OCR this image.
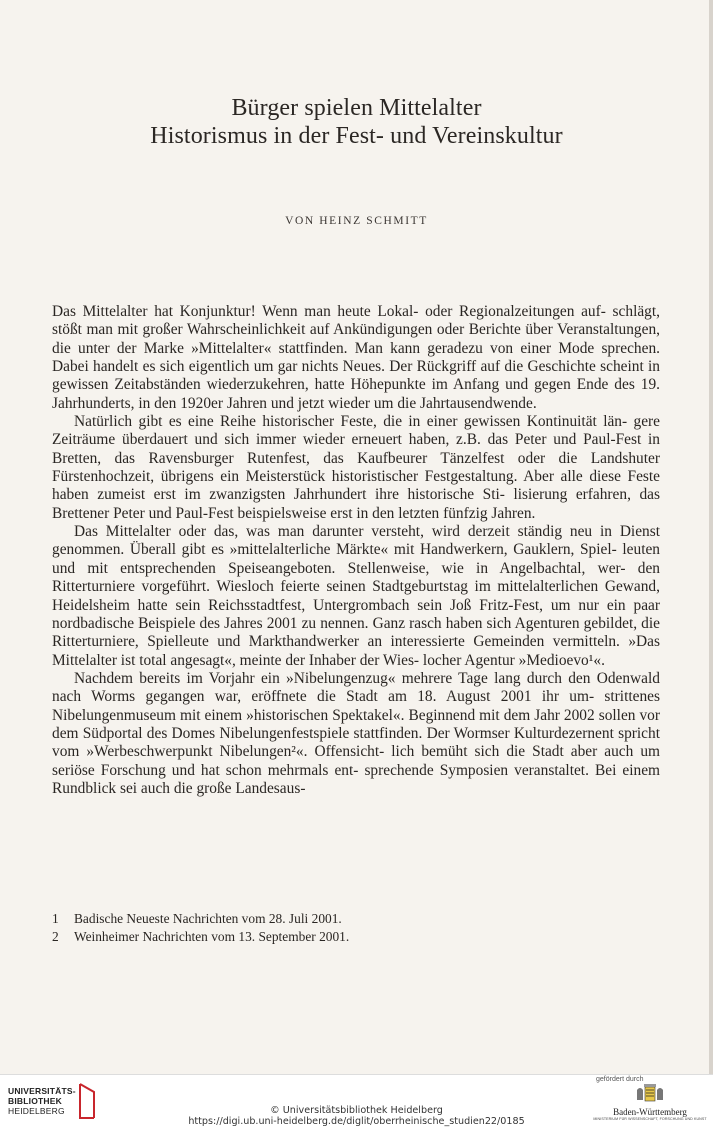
Bürger spielen Mittelalter
Historismus in der Fest- und Vereinskultur
VON HEINZ SCHMITT

Das Mittelalter hat Konjunktur! Wenn man heute Lokal- oder Regionalzeitungen auf- schlägt, stößt man mit großer Wahrscheinlichkeit auf Ankündigungen oder Berichte über Veranstaltungen, die unter der Marke »Mittelalter« stattfinden. Man kann geradezu von einer Mode sprechen. Dabei handelt es sich eigentlich um gar nichts Neues. Der Rückgriff auf die Geschichte scheint in gewissen Zeitabständen wiederzukehren, hatte Höhepunkte im Anfang und gegen Ende des 19. Jahrhunderts, in den 1920er Jahren und jetzt wieder um die Jahrtausendwende.

Natürlich gibt es eine Reihe historischer Feste, die in einer gewissen Kontinuität län- gere Zeiträume überdauert und sich immer wieder erneuert haben, z.B. das Peter und Paul-Fest in Bretten, das Ravensburger Rutenfest, das Kaufbeurer Tänzelfest oder die Landshuter Fürstenhochzeit, übrigens ein Meisterstück historistischer Festgestaltung. Aber alle diese Feste haben zumeist erst im zwanzigsten Jahrhundert ihre historische Sti- lisierung erfahren, das Brettener Peter und Paul-Fest beispielsweise erst in den letzten fünfzig Jahren.

Das Mittelalter oder das, was man darunter versteht, wird derzeit ständig neu in Dienst genommen. Überall gibt es »mittelalterliche Märkte« mit Handwerkern, Gauklern, Spiel- leuten und mit entsprechenden Speiseangeboten. Stellenweise, wie in Angelbachtal, wer- den Ritterturniere vorgeführt. Wiesloch feierte seinen Stadtgeburtstag im mittelalterlichen Gewand, Heidelsheim hatte sein Reichsstadtfest, Untergrombach sein Joß Fritz-Fest, um nur ein paar nordbadische Beispiele des Jahres 2001 zu nennen. Ganz rasch haben sich Agenturen gebildet, die Ritterturniere, Spielleute und Markthandwerker an interessierte Gemeinden vermitteln. »Das Mittelalter ist total angesagt«, meinte der Inhaber der Wies- locher Agentur »Medioevo¹«.

Nachdem bereits im Vorjahr ein »Nibelungenzug« mehrere Tage lang durch den Odenwald nach Worms gegangen war, eröffnete die Stadt am 18. August 2001 ihr um- strittenes Nibelungenmuseum mit einem »historischen Spektakel«. Beginnend mit dem Jahr 2002 sollen vor dem Südportal des Domes Nibelungenfestspiele stattfinden. Der Wormser Kulturdezernent spricht vom »Werbeschwerpunkt Nibelungen²«. Offensicht- lich bemüht sich die Stadt aber auch um seriöse Forschung und hat schon mehrmals ent- sprechende Symposien veranstaltet. Bei einem Rundblick sei auch die große Landesaus-

1	Badische Neueste Nachrichten vom 28. Juli 2001.
2	Weinheimer Nachrichten vom 13. September 2001.
UNIVERSITÄTS-
BIBLIOTHEK
HEIDELBERG	© Universitätsbibliothek Heidelberg
https://digi.ub.uni-heidelberg.de/diglit/oberrheinische_studien22/0185
gefördert durch
Baden-Württemberg
MINISTERIUM FÜR WISSENSCHAFT, FORSCHUNG UND KUNST
